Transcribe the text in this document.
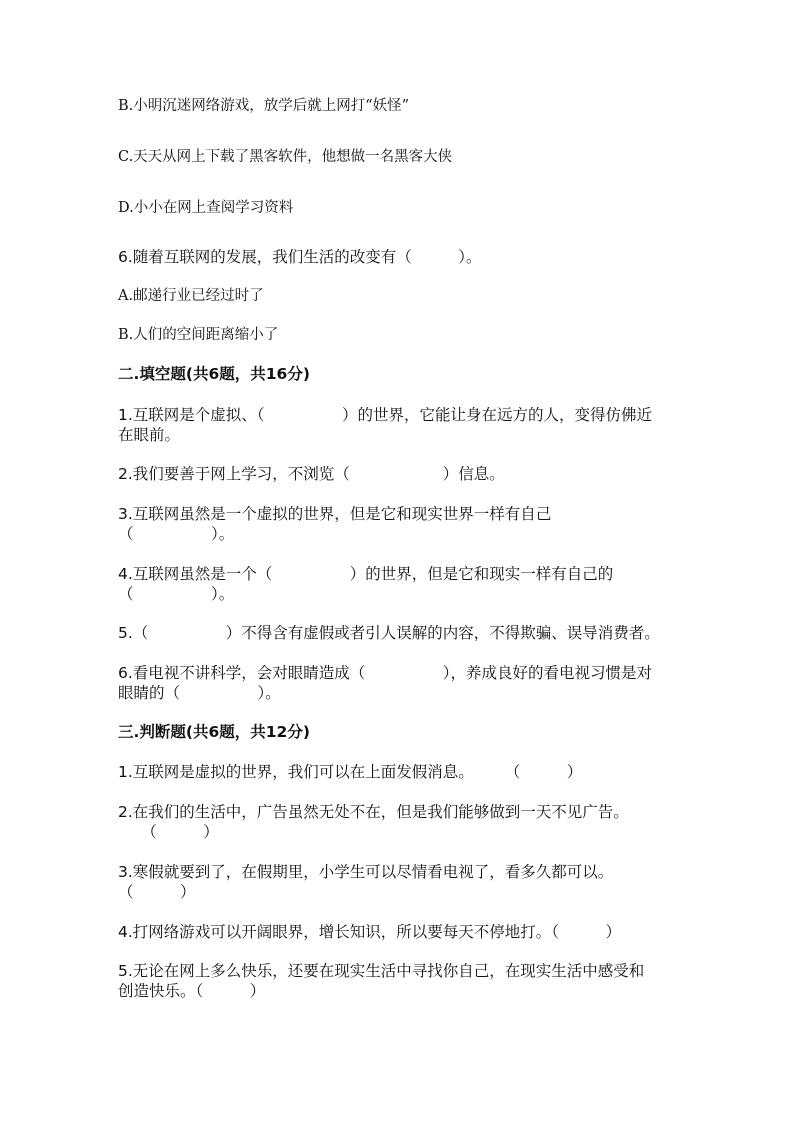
B.小明沉迷网络游戏，放学后就上网打“妖怪”
C.天天从网上下载了黑客软件，他想做一名黑客大侠
D.小小在网上查阅学习资料
6.随着互联网的发展，我们生活的改变有（　　　）。
A.邮递行业已经过时了
B.人们的空间距离缩小了
二.填空题(共6题，共16分)
1.互联网是个虚拟、（　　　　　）的世界，它能让身在远方的人，变得仿佛近
在眼前。
2.我们要善于网上学习，不浏览（　　　　　　）信息。
3.互联网虽然是一个虚拟的世界，但是它和现实世界一样有自己
（　　　　　）。
4.互联网虽然是一个（　　　　　）的世界，但是它和现实一样有自己的
（　　　　　）。
5.（　　　　　）不得含有虚假或者引人误解的内容，不得欺骗、误导消费者。
6.看电视不讲科学，会对眼睛造成（　　　　　），养成良好的看电视习惯是对
眼睛的（　　　　　）。
三.判断题(共6题，共12分)
1.互联网是虚拟的世界，我们可以在上面发假消息。　　　（　　　）
2.在我们的生活中，广告虽然无处不在，但是我们能够做到一天不见广告。
　　（　　　）
3.寒假就要到了，在假期里，小学生可以尽情看电视了，看多久都可以。
（　　　）
4.打网络游戏可以开阔眼界，增长知识，所以要每天不停地打。（　　　）
5.无论在网上多么快乐，还要在现实生活中寻找你自己，在现实生活中感受和
创造快乐。（　　　）
